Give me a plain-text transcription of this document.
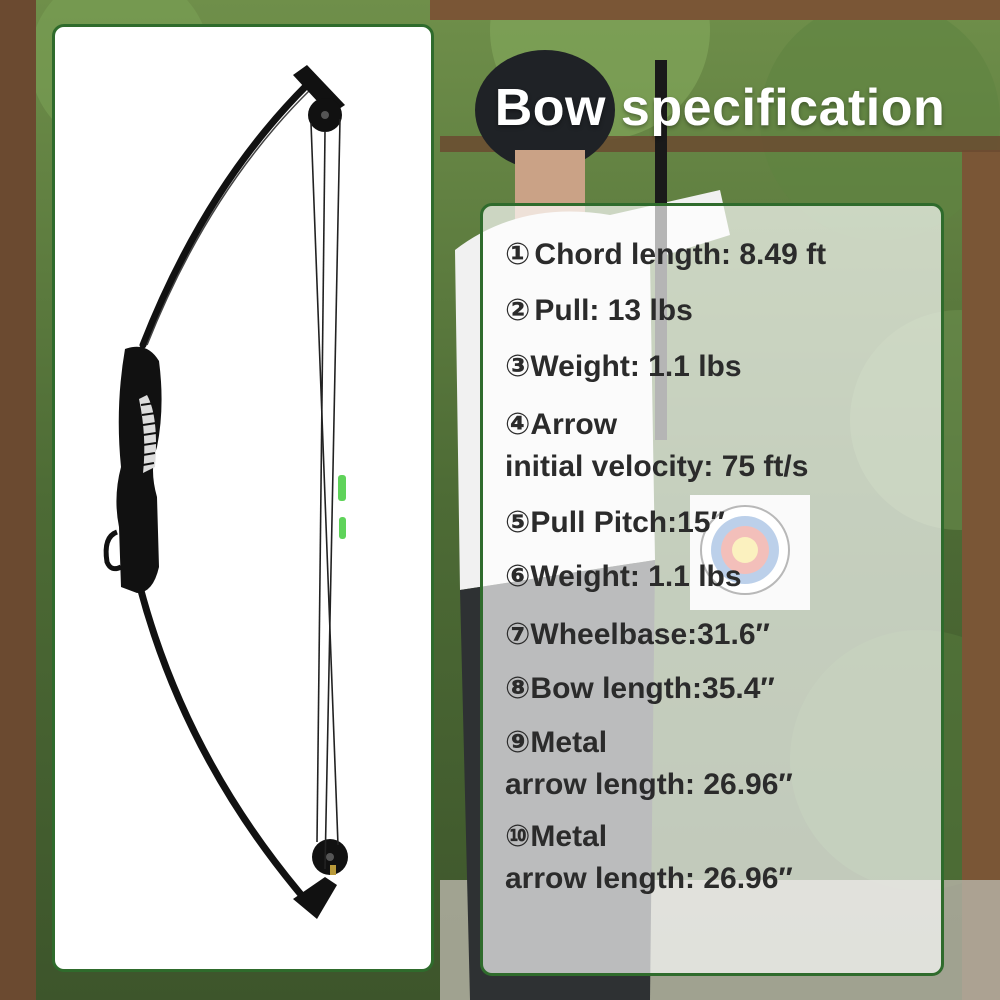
Bow specification
① Chord length: 8.49 ft
② Pull: 13 lbs
③Weight: 1.1 lbs
④Arrow
initial velocity: 75 ft/s
⑤Pull Pitch:15″
⑥Weight: 1.1 lbs
⑦Wheelbase:31.6″
⑧Bow length:35.4″
⑨Metal
arrow length: 26.96″
⑩Metal
arrow length: 26.96″
